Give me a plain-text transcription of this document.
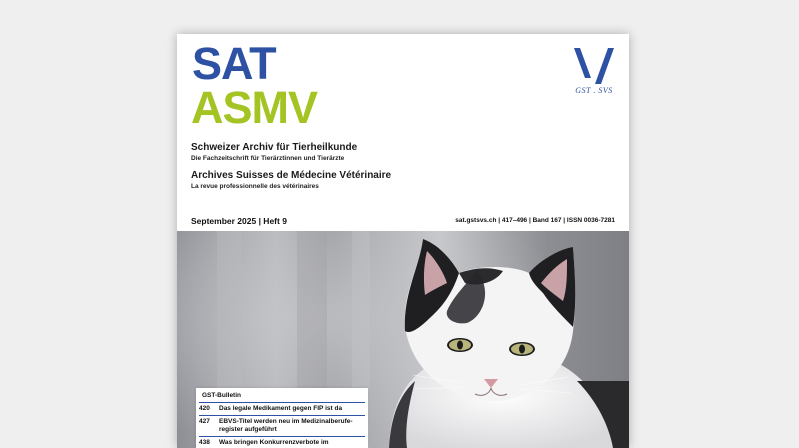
SAT
ASMV	GST . SVS

Schweizer Archiv für Tierheilkunde

Die Fachzeitschrift für Tierärztinnen und Tierärzte

Archives Suisses de Médecine Vétérinaire

La revue professionnelle des vétérinaires

September 2025 | Heft 9	sat.gstsvs.ch | 417–496 | Band 167 | ISSN 0036-7281
GST-Bulletin
420 Das legale Medikament gegen FIP ist da
427 EBVS-Titel werden neu im Medizinalberufe-
register aufgeführt
438 Was bringen Konkurrenzverbote im
